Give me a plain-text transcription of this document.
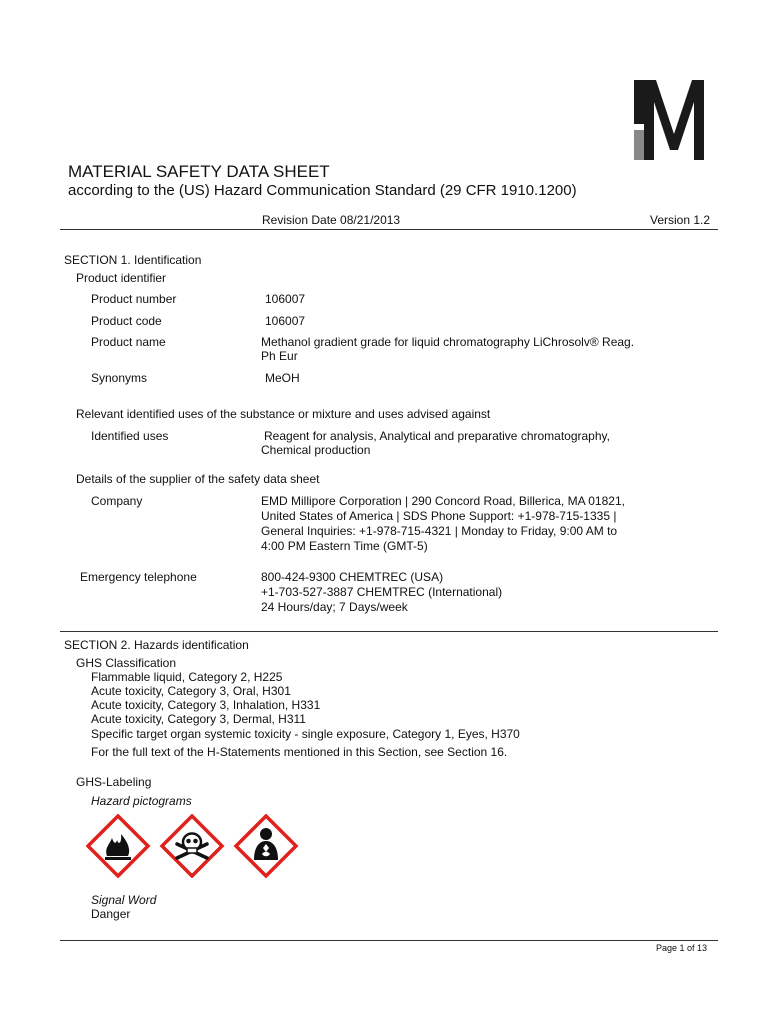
MATERIAL SAFETY DATA SHEET
according to the (US) Hazard Communication Standard (29 CFR 1910.1200)
Revision Date 08/21/2013	Version 1.2
SECTION 1. Identification
Product identifier
Product number	106007
Product code	106007
Product name	Methanol gradient grade for liquid chromatography LiChrosolv® Reag.
Ph Eur
Synonyms	MeOH
Relevant identified uses of the substance or mixture and uses advised against
Identified uses	Reagent for analysis, Analytical and preparative chromatography,
Chemical production
Details of the supplier of the safety data sheet
Company	EMD Millipore Corporation | 290 Concord Road, Billerica, MA 01821,
United States of America | SDS Phone Support: +1-978-715-1335 |
General Inquiries: +1-978-715-4321 | Monday to Friday, 9:00 AM to
4:00 PM Eastern Time (GMT-5)
Emergency telephone	800-424-9300 CHEMTREC (USA)
+1-703-527-3887 CHEMTREC (International)
24 Hours/day; 7 Days/week
SECTION 2. Hazards identification
GHS Classification
Flammable liquid, Category 2, H225
Acute toxicity, Category 3, Oral, H301
Acute toxicity, Category 3, Inhalation, H331
Acute toxicity, Category 3, Dermal, H311
Specific target organ systemic toxicity - single exposure, Category 1, Eyes, H370
For the full text of the H-Statements mentioned in this Section, see Section 16.
GHS-Labeling
Hazard pictograms
Signal Word
Danger
Page 1 of 13
